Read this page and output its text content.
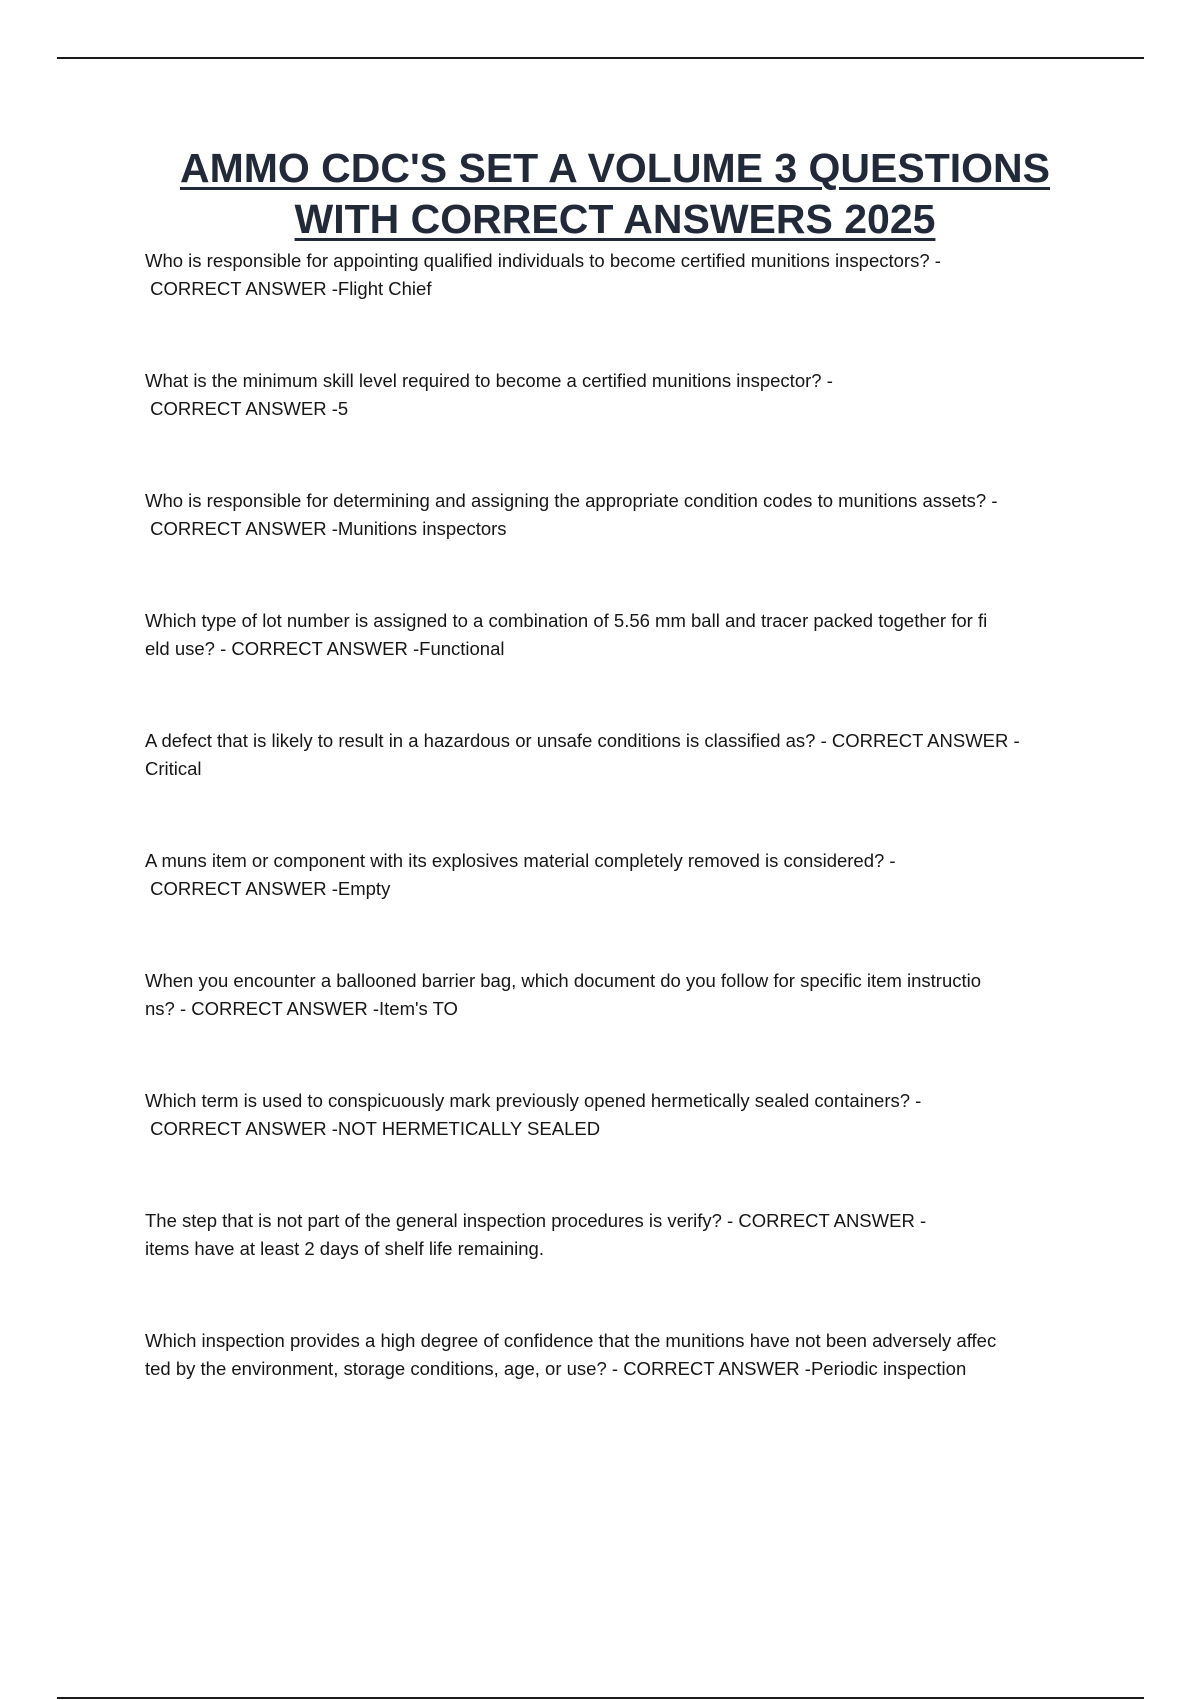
AMMO CDC'S SET A VOLUME 3 QUESTIONS
WITH CORRECT ANSWERS 2025
Who is responsible for appointing qualified individuals to become certified munitions inspectors? -
CORRECT ANSWER -Flight Chief
What is the minimum skill level required to become a certified munitions inspector? -
CORRECT ANSWER -5
Who is responsible for determining and assigning the appropriate condition codes to munitions assets? -
CORRECT ANSWER -Munitions inspectors
Which type of lot number is assigned to a combination of 5.56 mm ball and tracer packed together for fi
eld use? - CORRECT ANSWER -Functional
A defect that is likely to result in a hazardous or unsafe conditions is classified as? - CORRECT ANSWER -
Critical
A muns item or component with its explosives material completely removed is considered? -
CORRECT ANSWER -Empty
When you encounter a ballooned barrier bag, which document do you follow for specific item instructio
ns? - CORRECT ANSWER -Item's TO
Which term is used to conspicuously mark previously opened hermetically sealed containers? -
CORRECT ANSWER -NOT HERMETICALLY SEALED
The step that is not part of the general inspection procedures is verify? - CORRECT ANSWER -
items have at least 2 days of shelf life remaining.
Which inspection provides a high degree of confidence that the munitions have not been adversely affec
ted by the environment, storage conditions, age, or use? - CORRECT ANSWER -Periodic inspection
